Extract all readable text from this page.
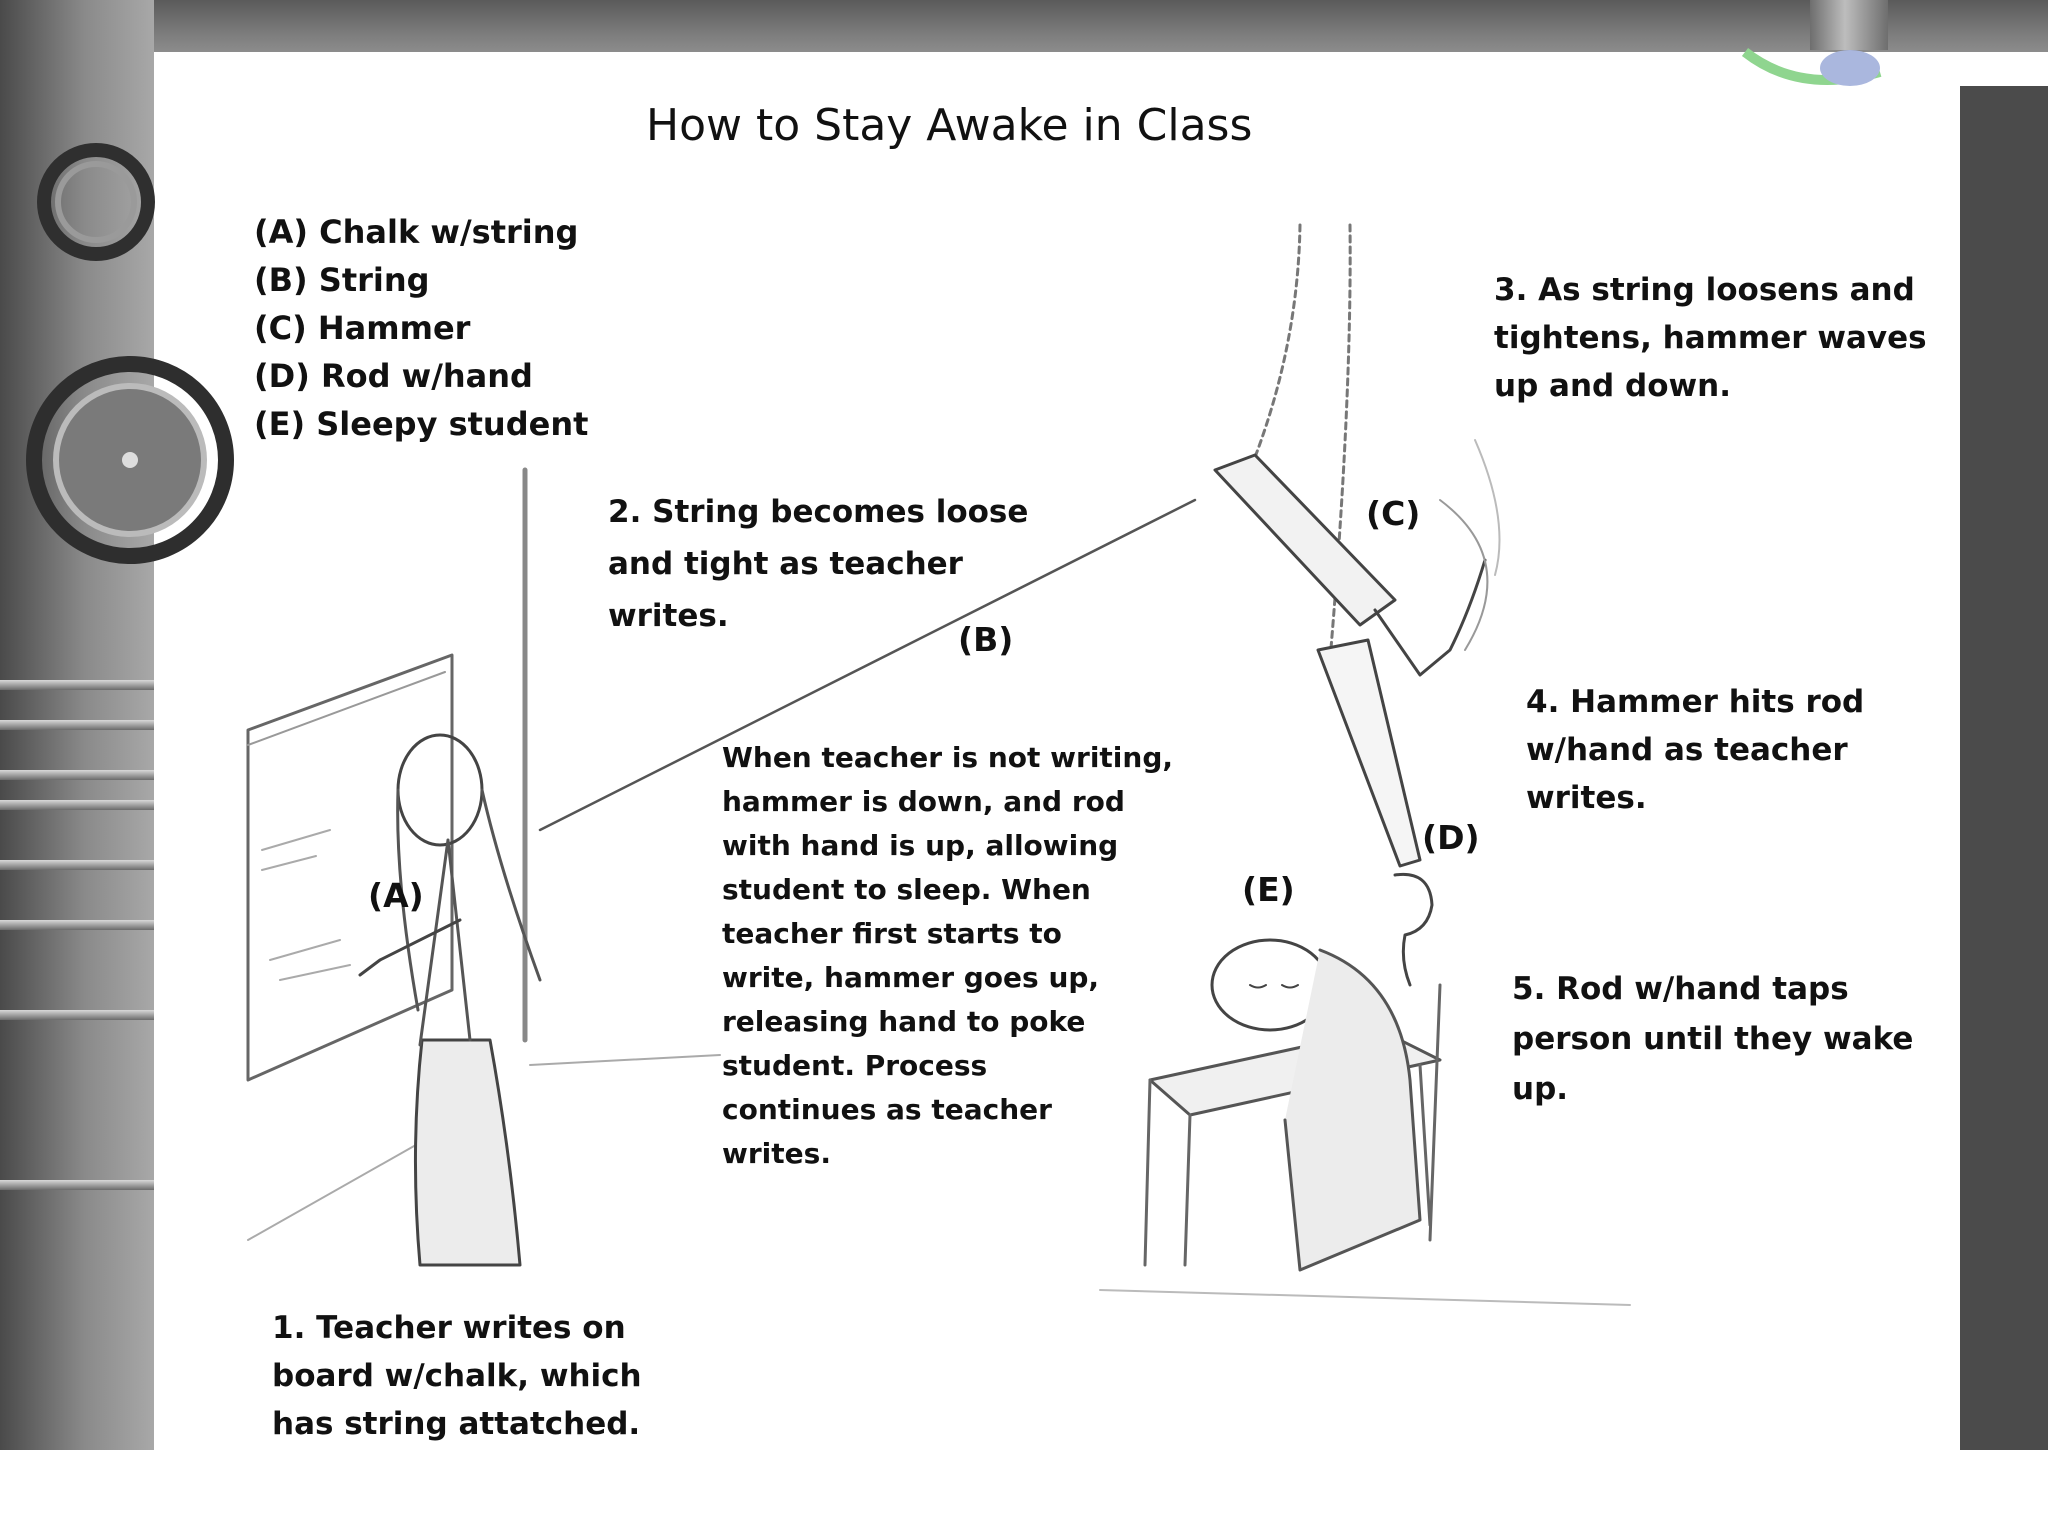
How to Stay Awake in Class
(A) Chalk w/string
(B) String
(C) Hammer
(D) Rod w/hand
(E) Sleepy student
1. Teacher writes on
board w/chalk, which
has string attatched.
2. String becomes loose
and tight as teacher
writes.
3. As string loosens and
tightens, hammer waves
up and down.
4. Hammer hits rod
w/hand as teacher
writes.
5. Rod w/hand taps
person until they wake
up.
When teacher is not writing,
hammer is down, and rod
with hand is up, allowing
student to sleep. When
teacher first starts to
write, hammer goes up,
releasing hand to poke
student. Process
continues as teacher
writes.
(A)
(B)
(C)
(D)
(E)
